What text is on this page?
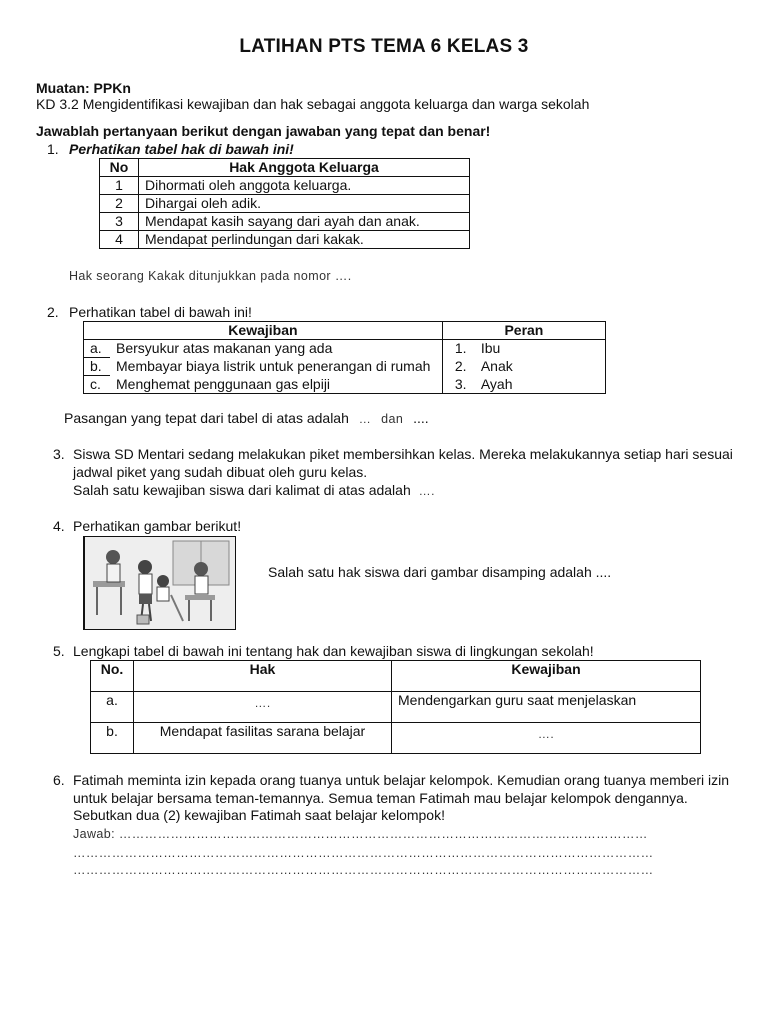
LATIHAN PTS TEMA 6 KELAS 3
Muatan: PPKn
KD 3.2 Mengidentifikasi kewajiban dan hak sebagai anggota keluarga dan warga sekolah
Jawablah pertanyaan berikut dengan jawaban yang tepat dan benar!
1. Perhatikan tabel hak di bawah ini!
No	Hak Anggota Keluarga
1	Dihormati oleh anggota keluarga.
2	Dihargai oleh adik.
3	Mendapat kasih sayang dari ayah dan anak.
4	Mendapat perlindungan dari kakak.
Hak seorang Kakak ditunjukkan pada nomor ….
2. Perhatikan tabel di bawah ini!
Kewajiban		Peran	
a.	Bersyukur atas makanan yang ada	1.	Ibu
b.	Membayar biaya listrik untuk penerangan di rumah	2.	Anak
c.	Menghemat penggunaan gas elpiji	3.	Ayah
Pasangan yang tepat dari tabel di atas adalah … dan ....
3. Siswa SD Mentari sedang melakukan piket membersihkan kelas. Mereka melakukannya setiap hari sesuai
jadwal piket yang sudah dibuat oleh guru kelas.
Salah satu kewajiban siswa dari kalimat di atas adalah ….
4. Perhatikan gambar berikut!
Salah satu hak siswa dari gambar disamping adalah ....
5. Lengkapi tabel di bawah ini tentang hak dan kewajiban siswa di lingkungan sekolah!
No.	Hak	Kewajiban
a.	….	Mendengarkan guru saat menjelaskan
b.	Mendapat fasilitas sarana belajar	….
6. Fatimah meminta izin kepada orang tuanya untuk belajar kelompok. Kemudian orang tuanya memberi izin
untuk belajar bersama teman-temannya. Semua teman Fatimah mau belajar kelompok dengannya.
Sebutkan dua (2) kewajiban Fatimah saat belajar kelompok!
Jawab: ……………………………………………………………………………………………………………
………………………………………………………………………………………………………………………
………………………………………………………………………………………………………………………
